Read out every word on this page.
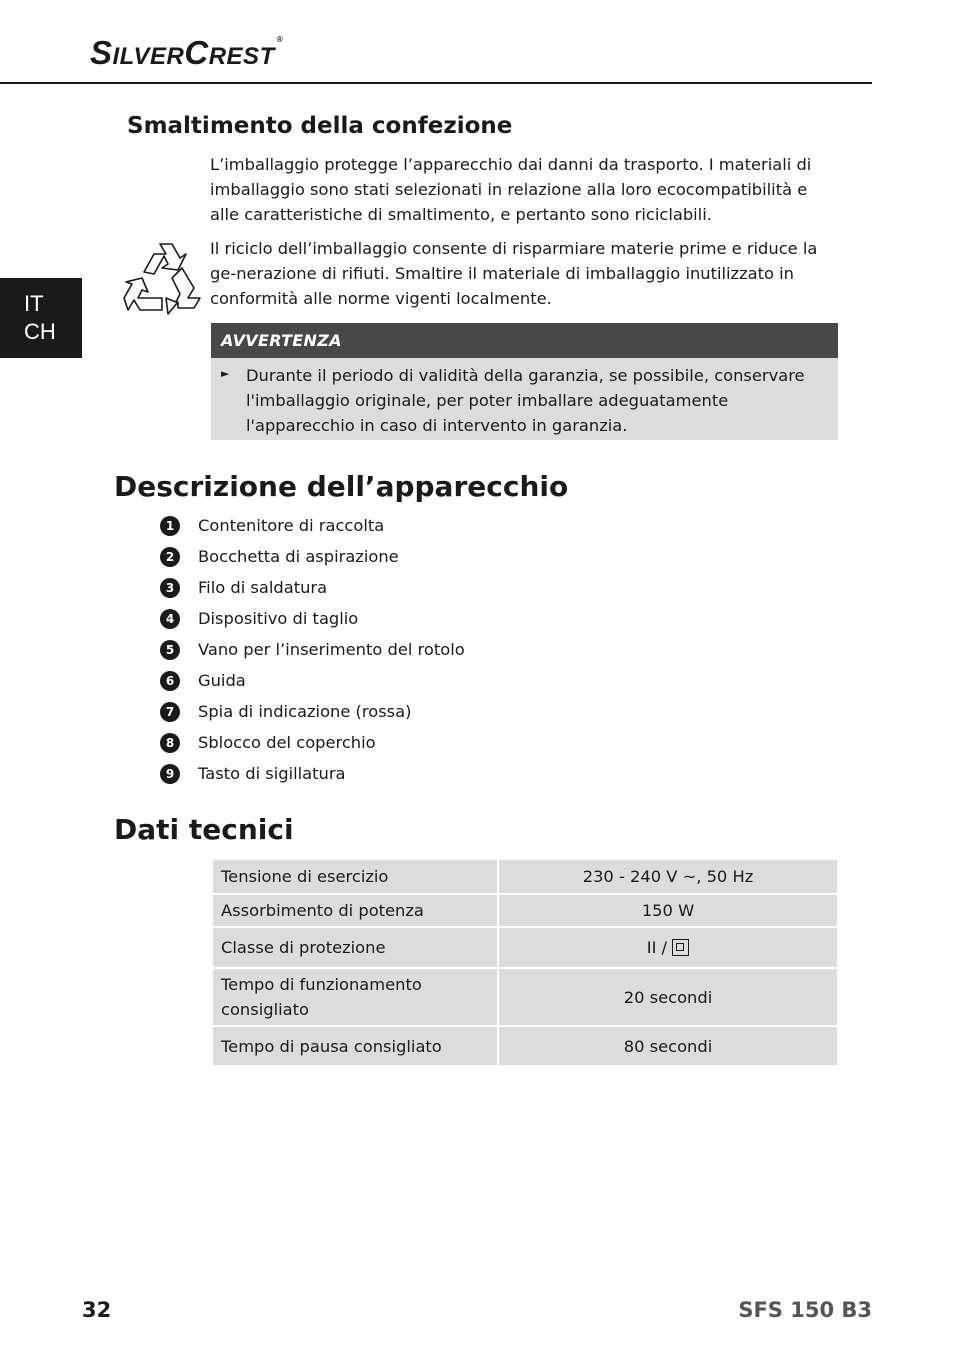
SILVERCREST®
IT
CH
Smaltimento della confezione

L’imballaggio protegge l’apparecchio dai danni da trasporto. I materiali di imballaggio sono stati selezionati in relazione alla loro ecocompatibilità e alle caratteristiche di smaltimento, e pertanto sono riciclabili.

Il riciclo dell’imballaggio consente di risparmiare materie prime e riduce la ge-nerazione di rifiuti. Smaltire il materiale di imballaggio inutilizzato in conformità alle norme vigenti localmente.

AVVERTENZA
► Durante il periodo di validità della garanzia, se possibile, conservare l'imballaggio originale, per poter imballare adeguatamente l'apparecchio in caso di intervento in garanzia.
Descrizione dell’apparecchio
1	Contenitore di raccolta
2	Bocchetta di aspirazione
3	Filo di saldatura
4	Dispositivo di taglio
5	Vano per l’inserimento del rotolo
6	Guida
7	Spia di indicazione (rossa)
8	Sblocco del coperchio
9	Tasto di sigillatura
Dati tecnici
Tensione di esercizio	230 - 240 V ~, 50 Hz
Assorbimento di potenza	150 W
Classe di protezione	II /
Tempo di funzionamento consigliato	20 secondi
Tempo di pausa consigliato	80 secondi
32	SFS 150 B3
